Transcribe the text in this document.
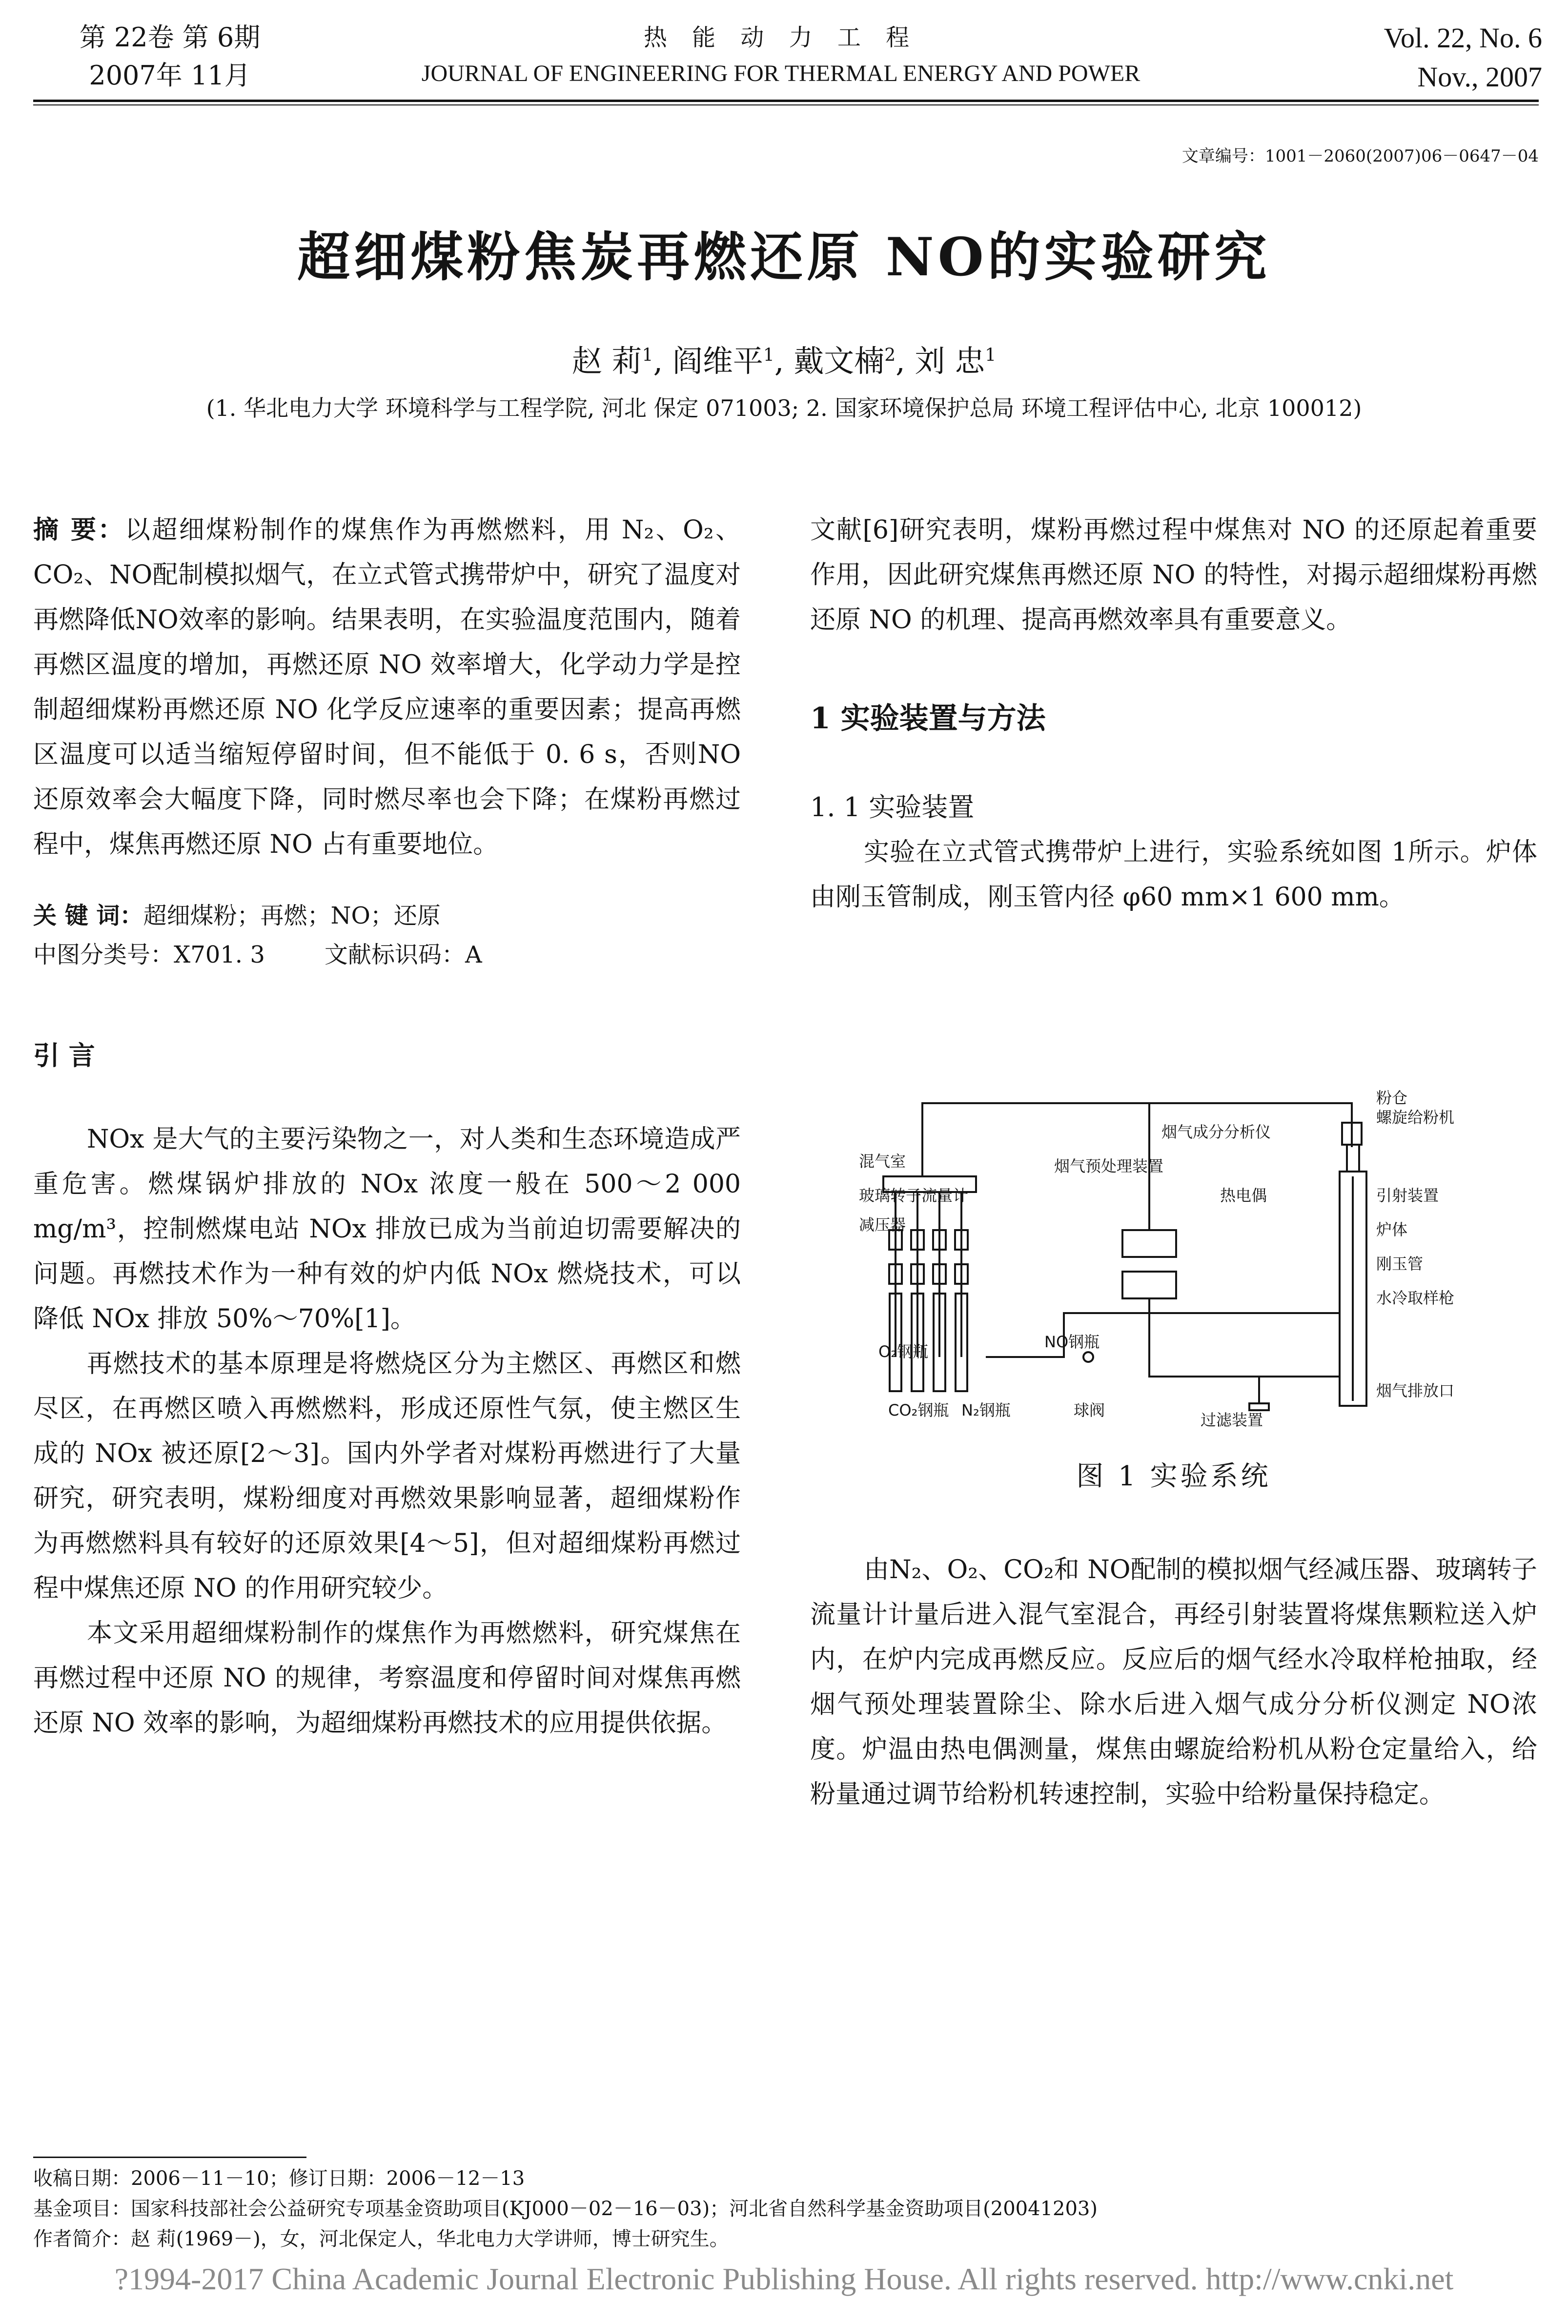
第 22卷 第 6期
2007年 11月
热 能 动 力 工 程
JOURNAL OF ENGINEERING FOR THERMAL ENERGY AND POWER
Vol. 22, No. 6
Nov., 2007
文章编号：1001－2060(2007)06－0647－04
超细煤粉焦炭再燃还原 NO的实验研究
赵 莉$^1$, 阎维平$^1$, 戴文楠$^2$, 刘 忠$^1$
(1. 华北电力大学 环境科学与工程学院, 河北 保定 071003; 2. 国家环境保护总局 环境工程评估中心, 北京 100012)

摘 要：以超细煤粉制作的煤焦作为再燃燃料，用 N₂、O₂、CO₂、NO配制模拟烟气，在立式管式携带炉中，研究了温度对再燃降低NO效率的影响。结果表明，在实验温度范围内，随着再燃区温度的增加，再燃还原 NO 效率增大，化学动力学是控制超细煤粉再燃还原 NO 化学反应速率的重要因素；提高再燃区温度可以适当缩短停留时间，但不能低于 0. 6 s，否则NO 还原效率会大幅度下降，同时燃尽率也会下降；在煤粉再燃过程中，煤焦再燃还原 NO 占有重要地位。

关 键 词：超细煤粉；再燃；NO；还原

中图分类号：X701. 3	文献标识码：A

引 言

NOx 是大气的主要污染物之一，对人类和生态环境造成严重危害。燃煤锅炉排放的 NOx 浓度一般在 500～2 000 mg/m³，控制燃煤电站 NOx 排放已成为当前迫切需要解决的问题。再燃技术作为一种有效的炉内低 NOx 燃烧技术，可以降低 NOx 排放 50%～70%[1]。

再燃技术的基本原理是将燃烧区分为主燃区、再燃区和燃尽区，在再燃区喷入再燃燃料，形成还原性气氛，使主燃区生成的 NOx 被还原[2～3]。国内外学者对煤粉再燃进行了大量研究，研究表明，煤粉细度对再燃效果影响显著，超细煤粉作为再燃燃料具有较好的还原效果[4～5]，但对超细煤粉再燃过程中煤焦还原 NO 的作用研究较少。

本文采用超细煤粉制作的煤焦作为再燃燃料，研究煤焦在再燃过程中还原 NO 的规律，考察温度和停留时间对煤焦再燃还原 NO 效率的影响，为超细煤粉再燃技术的应用提供依据。

文献[6]研究表明，煤粉再燃过程中煤焦对 NO 的还原起着重要作用，因此研究煤焦再燃还原 NO 的特性，对揭示超细煤粉再燃还原 NO 的机理、提高再燃效率具有重要意义。

1 实验装置与方法

1. 1 实验装置

实验在立式管式携带炉上进行，实验系统如图 1所示。炉体由刚玉管制成，刚玉管内径 φ60 mm×1 600 mm。

粉仓
螺旋给粉机
烟气成分分析仪
烟气预处理装置
混气室
玻璃转子流量计
减压器
热电偶	引射装置
炉体
刚玉管
水冷取样枪
烟气排放口
O₂钢瓶
CO₂钢瓶 N₂钢瓶
NO钢瓶
球阀
过滤装置
图 1 实验系统

由N₂、O₂、CO₂和 NO配制的模拟烟气经减压器、玻璃转子流量计计量后进入混气室混合，再经引射装置将煤焦颗粒送入炉内，在炉内完成再燃反应。反应后的烟气经水冷取样枪抽取，经烟气预处理装置除尘、除水后进入烟气成分分析仪测定 NO浓度。炉温由热电偶测量，煤焦由螺旋给粉机从粉仓定量给入，给粉量通过调节给粉机转速控制，实验中给粉量保持稳定。

收稿日期：2006－11－10；修订日期：2006－12－13
基金项目：国家科技部社会公益研究专项基金资助项目(KJ000－02－16－03)；河北省自然科学基金资助项目(20041203)
作者简介：赵 莉(1969－)，女，河北保定人，华北电力大学讲师，博士研究生。
?1994-2017 China Academic Journal Electronic Publishing House. All rights reserved. http://www.cnki.net
